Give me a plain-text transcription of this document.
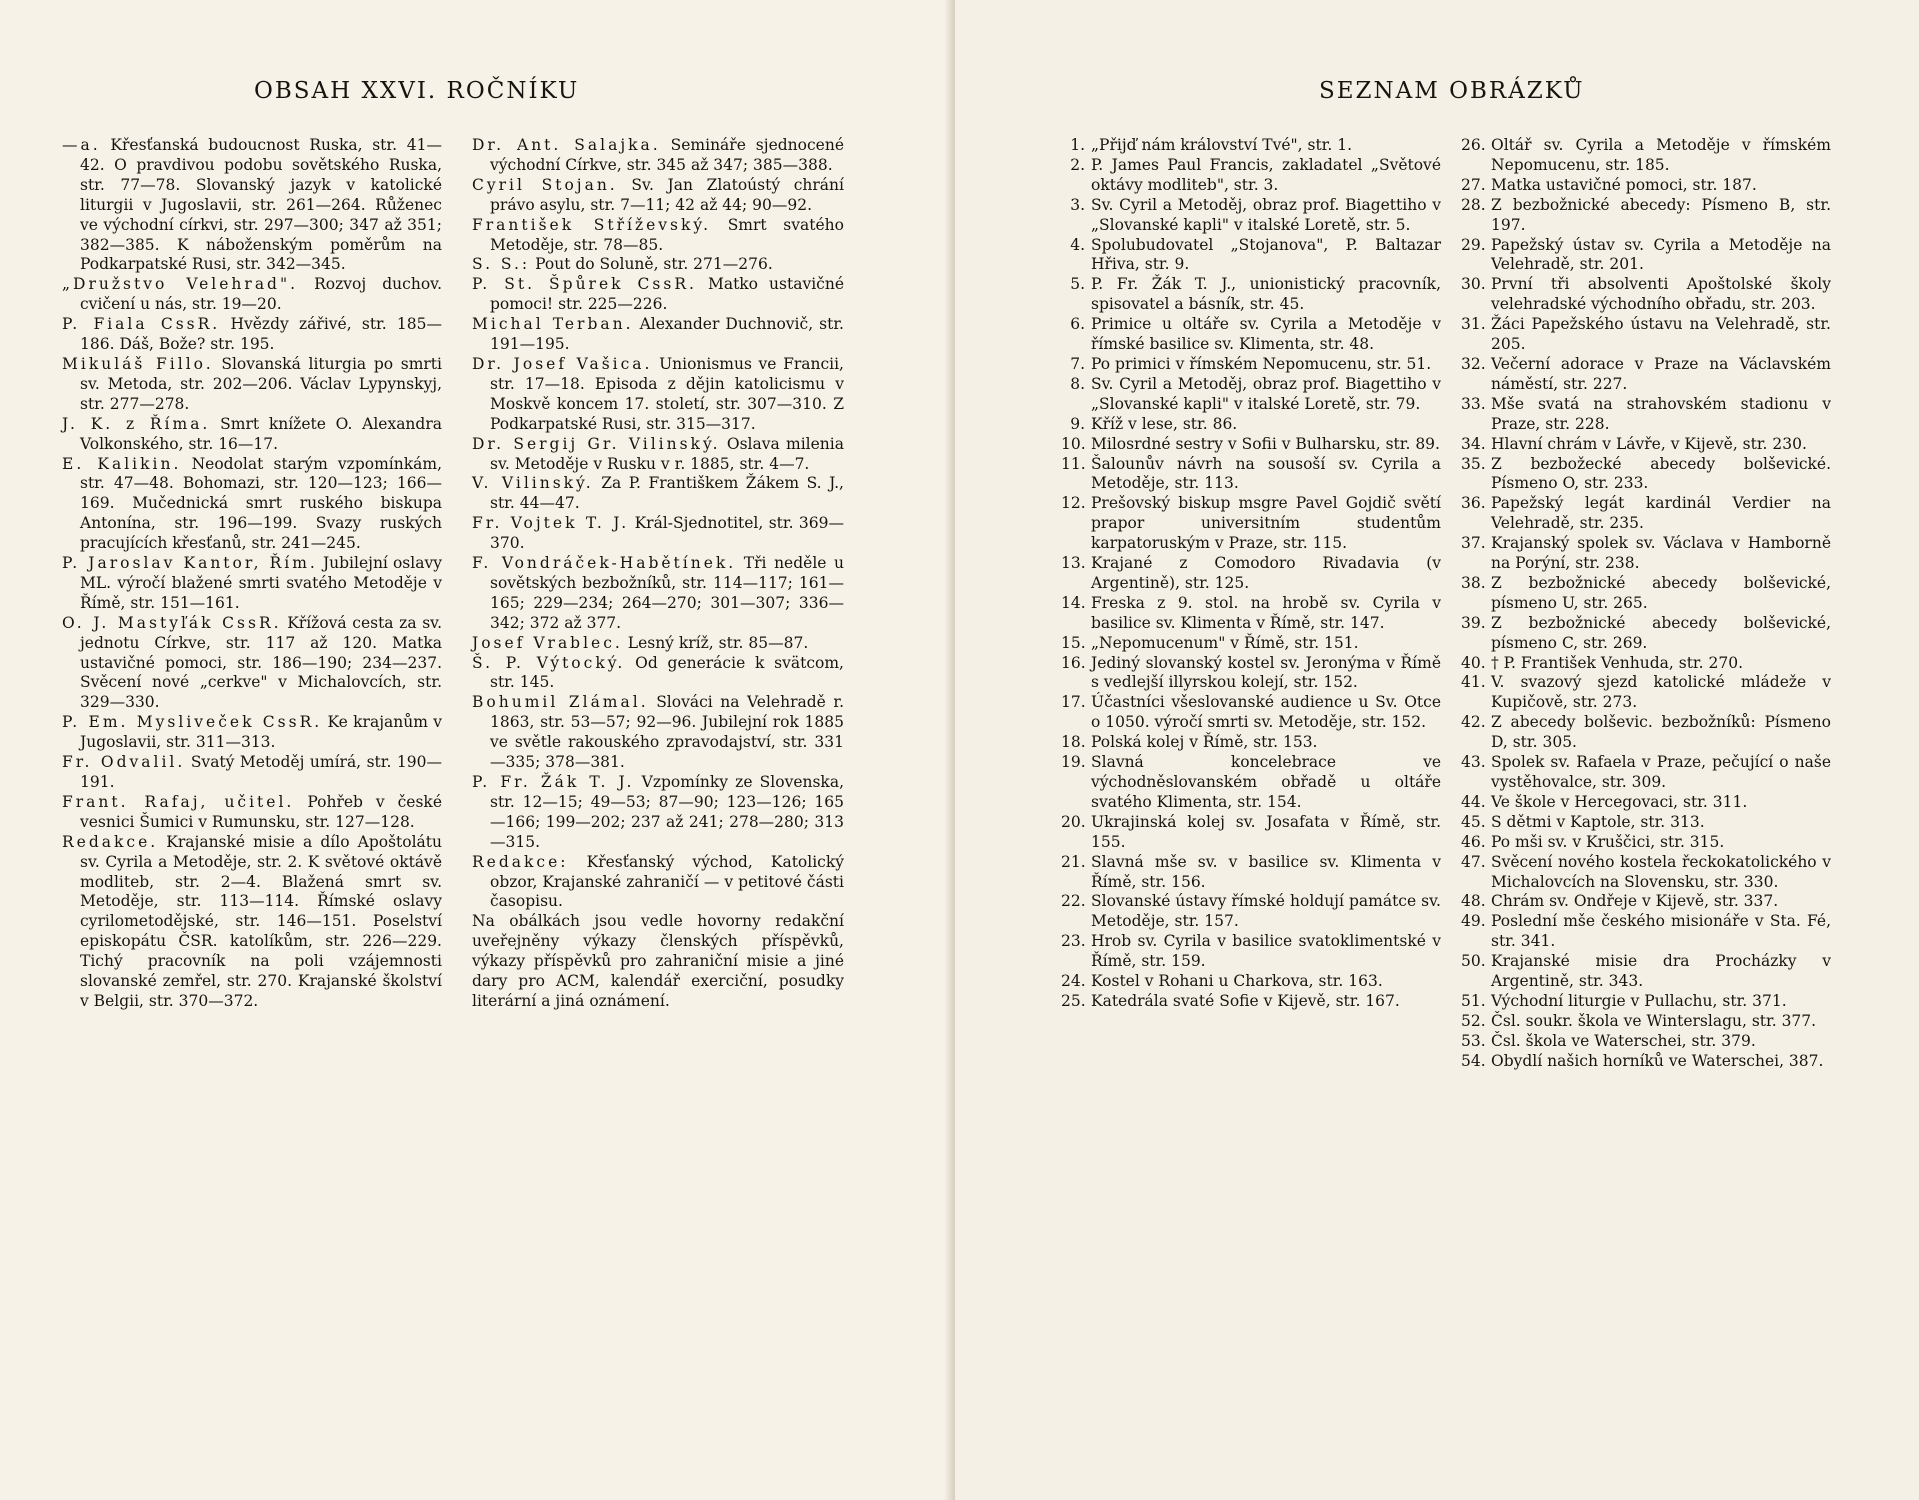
OBSAH XXVI. ROČNÍKU

—a. Křesťanská budoucnost Ruska, str. 41—42. O pravdivou podobu sovětského Ruska, str. 77—78. Slovanský jazyk v katolické liturgii v Jugoslavii, str. 261—264. Růženec ve východní církvi, str. 297—300; 347 až 351; 382—385. K náboženským poměrům na Podkarpatské Rusi, str. 342—345.

„Družstvo Velehrad". Rozvoj duchov. cvičení u nás, str. 19—20.

P. Fiala CssR. Hvězdy zářivé, str. 185—186. Dáš, Bože? str. 195.

Mikuláš Fillo. Slovanská liturgia po smrti sv. Metoda, str. 202—206. Václav Lypynskyj, str. 277—278.

J. K. z Říma. Smrt knížete O. Alexandra Volkonského, str. 16—17.

E. Kalikin. Neodolat starým vzpomínkám, str. 47—48. Bohomazi, str. 120—123; 166—169. Mučednická smrt ruského biskupa Antonína, str. 196—199. Svazy ruských pracujících křesťanů, str. 241—245.

P. Jaroslav Kantor, Řím. Jubilejní oslavy ML. výročí blažené smrti svatého Metoděje v Římě, str. 151—161.

O. J. Mastyľák CssR. Křížová cesta za sv. jednotu Církve, str. 117 až 120. Matka ustavičné pomoci, str. 186—190; 234—237. Svěcení nové „cerkve" v Michalovcích, str. 329—330.

P. Em. Mysliveček CssR. Ke krajanům v Jugoslavii, str. 311—313.

Fr. Odvalil. Svatý Metoděj umírá, str. 190—191.

Frant. Rafaj, učitel. Pohřeb v české vesnici Šumici v Rumunsku, str. 127—128.

Redakce. Krajanské misie a dílo Apoštolátu sv. Cyrila a Metoděje, str. 2. K světové oktávě modliteb, str. 2—4. Blažená smrt sv. Metoděje, str. 113—114. Římské oslavy cyrilometodějské, str. 146—151. Poselství episkopátu ČSR. katolíkům, str. 226—229. Tichý pracovník na poli vzájemnosti slovanské zemřel, str. 270. Krajanské školství v Belgii, str. 370—372.

Dr. Ant. Salajka. Semináře sjednocené východní Církve, str. 345 až 347; 385—388.

Cyril Stojan. Sv. Jan Zlatoústý chrání právo asylu, str. 7—11; 42 až 44; 90—92.

František Stříževský. Smrt svatého Metoděje, str. 78—85.

S. S.: Pout do Soluně, str. 271—276.

P. St. Špůrek CssR. Matko ustavičné pomoci! str. 225—226.

Michal Terban. Alexander Duchnovič, str. 191—195.

Dr. Josef Vašica. Unionismus ve Francii, str. 17—18. Episoda z dějin katolicismu v Moskvě koncem 17. století, str. 307—310. Z Podkarpatské Rusi, str. 315—317.

Dr. Sergij Gr. Vilinský. Oslava milenia sv. Metoděje v Rusku v r. 1885, str. 4—7.

V. Vilinský. Za P. Františkem Žákem S. J., str. 44—47.

Fr. Vojtek T. J. Král-Sjednotitel, str. 369—370.

F. Vondráček-Habětínek. Tři neděle u sovětských bezbožníků, str. 114—117; 161—165; 229—234; 264—270; 301—307; 336—342; 372 až 377.

Josef Vrablec. Lesný kríž, str. 85—87.

Š. P. Výtocký. Od generácie k svätcom, str. 145.

Bohumil Zlámal. Slováci na Velehradě r. 1863, str. 53—57; 92—96. Jubilejní rok 1885 ve světle rakouského zpravodajství, str. 331—335; 378—381.

P. Fr. Žák T. J. Vzpomínky ze Slovenska, str. 12—15; 49—53; 87—90; 123—126; 165—166; 199—202; 237 až 241; 278—280; 313—315.

Redakce: Křesťanský východ, Katolický obzor, Krajanské zahraničí — v petitové části časopisu.

Na obálkách jsou vedle hovorny redakční uveřejněny výkazy členských příspěvků, výkazy příspěvků pro zahraniční misie a jiné dary pro ACM, kalendář exerciční, posudky literární a jiná oznámení.

SEZNAM OBRÁZKŮ

1. „Přijď nám království Tvé", str. 1.

2. P. James Paul Francis, zakladatel „Světové oktávy modliteb", str. 3.

3. Sv. Cyril a Metoděj, obraz prof. Biagettiho v „Slovanské kapli" v italské Loretě, str. 5.

4. Spolubudovatel „Stojanova", P. Baltazar Hřiva, str. 9.

5. P. Fr. Žák T. J., unionistický pracovník, spisovatel a básník, str. 45.

6. Primice u oltáře sv. Cyrila a Metoděje v římské basilice sv. Klimenta, str. 48.

7. Po primici v římském Nepomucenu, str. 51.

8. Sv. Cyril a Metoděj, obraz prof. Biagettiho v „Slovanské kapli" v italské Loretě, str. 79.

9. Kříž v lese, str. 86.

10. Milosrdné sestry v Sofii v Bulharsku, str. 89.

11. Šalounův návrh na sousoší sv. Cyrila a Metoděje, str. 113.

12. Prešovský biskup msgre Pavel Gojdič světí prapor universitním studentům karpatoruským v Praze, str. 115.

13. Krajané z Comodoro Rivadavia (v Argentině), str. 125.

14. Freska z 9. stol. na hrobě sv. Cyrila v basilice sv. Klimenta v Římě, str. 147.

15. „Nepomucenum" v Římě, str. 151.

16. Jediný slovanský kostel sv. Jeronýma v Římě s vedlejší illyrskou kolejí, str. 152.

17. Účastníci všeslovanské audience u Sv. Otce o 1050. výročí smrti sv. Metoděje, str. 152.

18. Polská kolej v Římě, str. 153.

19. Slavná koncelebrace ve východněslovanském obřadě u oltáře svatého Klimenta, str. 154.

20. Ukrajinská kolej sv. Josafata v Římě, str. 155.

21. Slavná mše sv. v basilice sv. Klimenta v Římě, str. 156.

22. Slovanské ústavy římské holdují památce sv. Metoděje, str. 157.

23. Hrob sv. Cyrila v basilice svatoklimentské v Římě, str. 159.

24. Kostel v Rohani u Charkova, str. 163.

25. Katedrála svaté Sofie v Kijevě, str. 167.

26. Oltář sv. Cyrila a Metoděje v římském Nepomucenu, str. 185.

27. Matka ustavičné pomoci, str. 187.

28. Z bezbožnické abecedy: Písmeno B, str. 197.

29. Papežský ústav sv. Cyrila a Metoděje na Velehradě, str. 201.

30. První tři absolventi Apoštolské školy velehradské východního obřadu, str. 203.

31. Žáci Papežského ústavu na Velehradě, str. 205.

32. Večerní adorace v Praze na Václavském náměstí, str. 227.

33. Mše svatá na strahovském stadionu v Praze, str. 228.

34. Hlavní chrám v Lávře, v Kijevě, str. 230.

35. Z bezbožecké abecedy bolševické. Písmeno O, str. 233.

36. Papežský legát kardinál Verdier na Velehradě, str. 235.

37. Krajanský spolek sv. Václava v Hamborně na Porýní, str. 238.

38. Z bezbožnické abecedy bolševické, písmeno U, str. 265.

39. Z bezbožnické abecedy bolševické, písmeno C, str. 269.

40. † P. František Venhuda, str. 270.

41. V. svazový sjezd katolické mládeže v Kupičově, str. 273.

42. Z abecedy bolševic. bezbožníků: Písmeno D, str. 305.

43. Spolek sv. Rafaela v Praze, pečující o naše vystěhovalce, str. 309.

44. Ve škole v Hercegovaci, str. 311.

45. S dětmi v Kaptole, str. 313.

46. Po mši sv. v Kruščici, str. 315.

47. Svěcení nového kostela řeckokatolického v Michalovcích na Slovensku, str. 330.

48. Chrám sv. Ondřeje v Kijevě, str. 337.

49. Poslední mše českého misionáře v Sta. Fé, str. 341.

50. Krajanské misie dra Procházky v Argentině, str. 343.

51. Východní liturgie v Pullachu, str. 371.

52. Čsl. soukr. škola ve Winterslagu, str. 377.

53. Čsl. škola ve Waterschei, str. 379.

54. Obydlí našich horníků ve Waterschei, 387.
